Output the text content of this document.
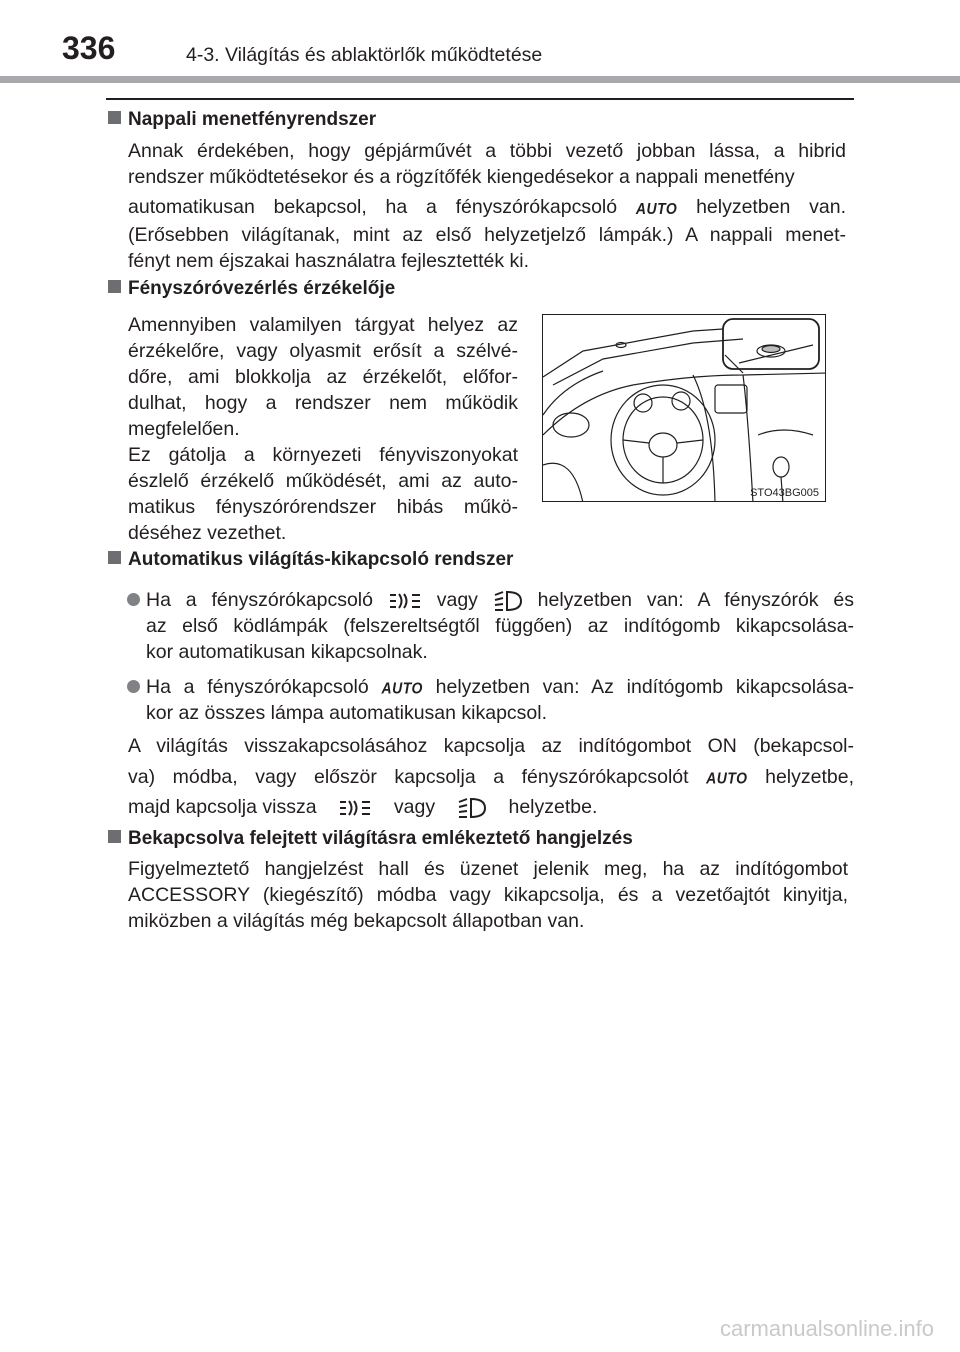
336	4-3. Világítás és ablaktörlők működtetése
Nappali menetfényrendszer
Annak érdekében, hogy gépjárművét a többi vezető jobban lássa, a hibrid
rendszer működtetésekor és a rögzítőfék kiengedésekor a nappali menetfény
automatikusan bekapcsol, ha a fényszórókapcsoló AUTO helyzetben van.
(Erősebben világítanak, mint az első helyzetjelző lámpák.) A nappali menet-
fényt nem éjszakai használatra fejlesztették ki.
Fényszóróvezérlés érzékelője
Amennyiben valamilyen tárgyat helyez az
érzékelőre, vagy olyasmit erősít a szélvé-
dőre, ami blokkolja az érzékelőt, előfor-
dulhat, hogy a rendszer nem működik
megfelelően.
Ez gátolja a környezeti fényviszonyokat
észlelő érzékelő működését, ami az auto-
matikus fényszórórendszer hibás műkö-
déséhez vezethet.
STO43BG005
Automatikus világítás-kikapcsoló rendszer
Ha a fényszórókapcsoló	vagy	helyzetben van: A fényszórók és
az első ködlámpák (felszereltségtől függően) az indítógomb kikapcsolása-
kor automatikusan kikapcsolnak.
Ha a fényszórókapcsoló AUTO helyzetben van: Az indítógomb kikapcsolása-
kor az összes lámpa automatikusan kikapcsol.
A világítás visszakapcsolásához kapcsolja az indítógombot ON (bekapcsol-
va) módba, vagy először kapcsolja a fényszórókapcsolót AUTO helyzetbe,
majd kapcsolja vissza	vagy	helyzetbe.
Bekapcsolva felejtett világításra emlékeztető hangjelzés
Figyelmeztető hangjelzést hall és üzenet jelenik meg, ha az indítógombot
ACCESSORY (kiegészítő) módba vagy kikapcsolja, és a vezetőajtót kinyitja,
miközben a világítás még bekapcsolt állapotban van.
carmanualsonline.info
